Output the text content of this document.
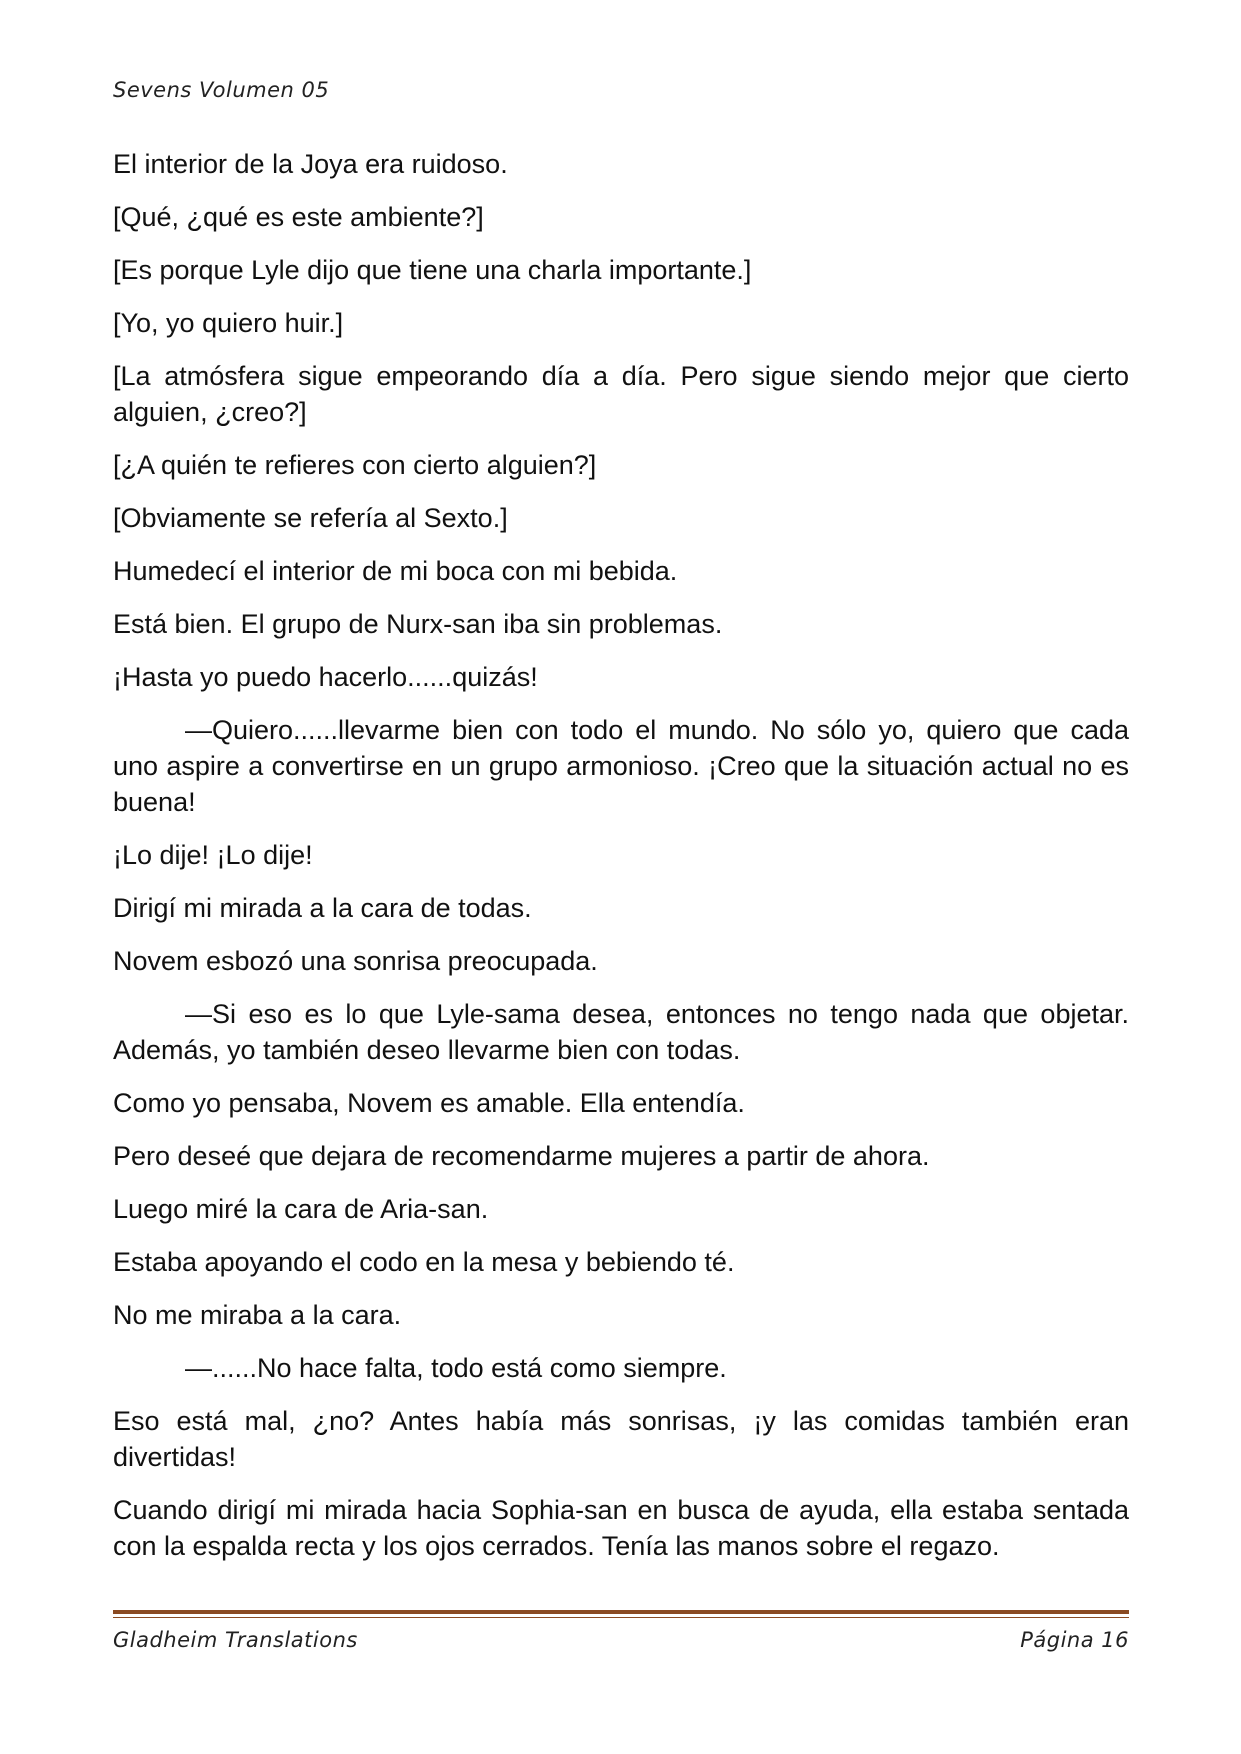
Sevens Volumen 05

El interior de la Joya era ruidoso.

[Qué, ¿qué es este ambiente?]

[Es porque Lyle dijo que tiene una charla importante.]

[Yo, yo quiero huir.]

[La atmósfera sigue empeorando día a día. Pero sigue siendo mejor que cierto alguien, ¿creo?]

[¿A quién te refieres con cierto alguien?]

[Obviamente se refería al Sexto.]

Humedecí el interior de mi boca con mi bebida.

Está bien. El grupo de Nurx-san iba sin problemas.

¡Hasta yo puedo hacerlo......quizás!

—Quiero......llevarme bien con todo el mundo. No sólo yo, quiero que cada uno aspire a convertirse en un grupo armonioso. ¡Creo que la situación actual no es buena!

¡Lo dije! ¡Lo dije!

Dirigí mi mirada a la cara de todas.

Novem esbozó una sonrisa preocupada.

—Si eso es lo que Lyle-sama desea, entonces no tengo nada que objetar. Además, yo también deseo llevarme bien con todas.

Como yo pensaba, Novem es amable. Ella entendía.

Pero deseé que dejara de recomendarme mujeres a partir de ahora.

Luego miré la cara de Aria-san.

Estaba apoyando el codo en la mesa y bebiendo té.

No me miraba a la cara.

—......No hace falta, todo está como siempre.

Eso está mal, ¿no? Antes había más sonrisas, ¡y las comidas también eran divertidas!

Cuando dirigí mi mirada hacia Sophia-san en busca de ayuda, ella estaba sentada con la espalda recta y los ojos cerrados. Tenía las manos sobre el regazo.

Gladheim Translations	Página 16
